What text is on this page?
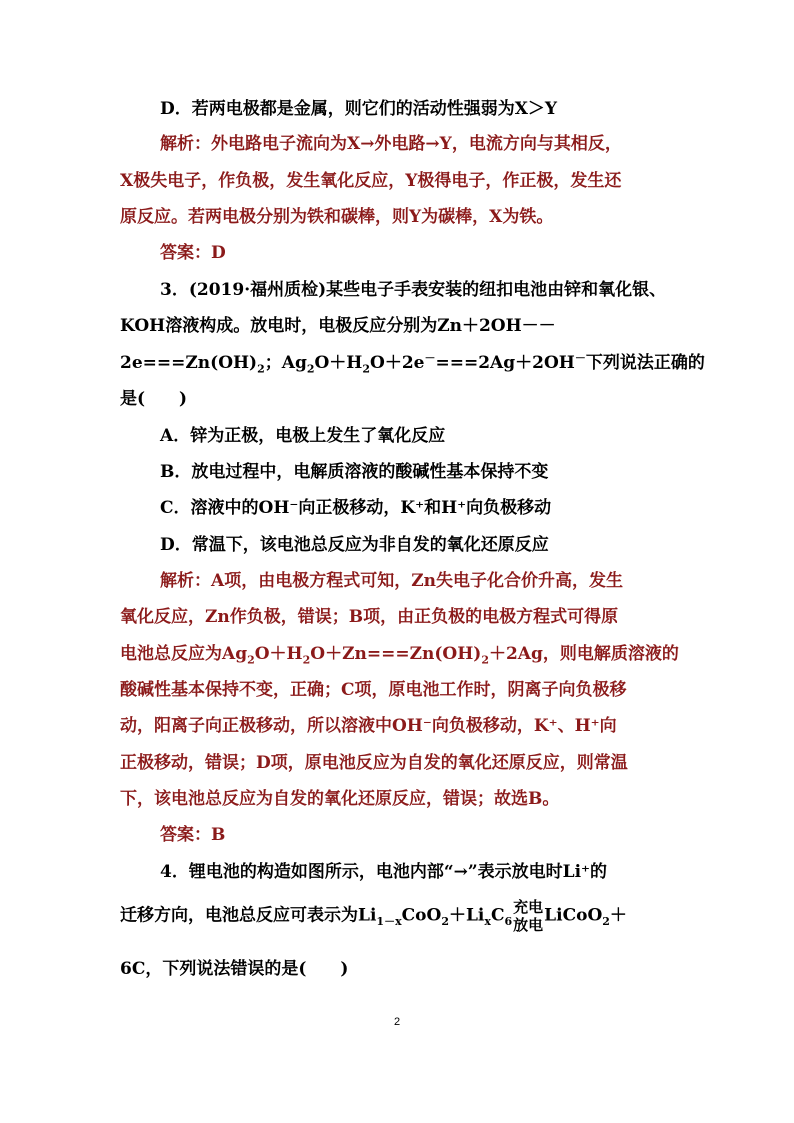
D．若两电极都是金属，则它们的活动性强弱为X＞Y
解析：外电路电子流向为X→外电路→Y，电流方向与其相反，
X极失电子，作负极，发生氧化反应，Y极得电子，作正极，发生还
原反应。若两电极分别为铁和碳棒，则Y为碳棒，X为铁。
答案：D
3．(2019·福州质检)某些电子手表安装的纽扣电池由锌和氧化银、
KOH溶液构成。放电时，电极反应分别为Zn＋2OH－－
$2e===Zn(OH)_2$；$Ag_2O+H_2O+2e^-===2Ag+2OH^-$下列说法正确的
是(　　)
A．锌为正极，电极上发生了氧化反应
B．放电过程中，电解质溶液的酸碱性基本保持不变
C．溶液中的OH⁻向正极移动，K⁺和H⁺向负极移动
D．常温下，该电池总反应为非自发的氧化还原反应
解析：A项，由电极方程式可知，Zn失电子化合价升高，发生
氧化反应，Zn作负极，错误；B项，由正负极的电极方程式可得原
电池总反应为$Ag_2O+H_2O+Zn===Zn(OH)_2+2Ag$，则电解质溶液的
酸碱性基本保持不变，正确；C项，原电池工作时，阴离子向负极移
动，阳离子向正极移动，所以溶液中OH⁻向负极移动，K⁺、H⁺向
正极移动，错误；D项，原电池反应为自发的氧化还原反应，则常温
下，该电池总反应为自发的氧化还原反应，错误；故选B。
答案：B
4．锂电池的构造如图所示，电池内部“→”表示放电时Li⁺的
迁移方向，电池总反应可表示为$Li_{1-x}CoO_2+Li_xC_6$
充电
放电 LiCoO$_2$＋
6C，下列说法错误的是(　　)
2
